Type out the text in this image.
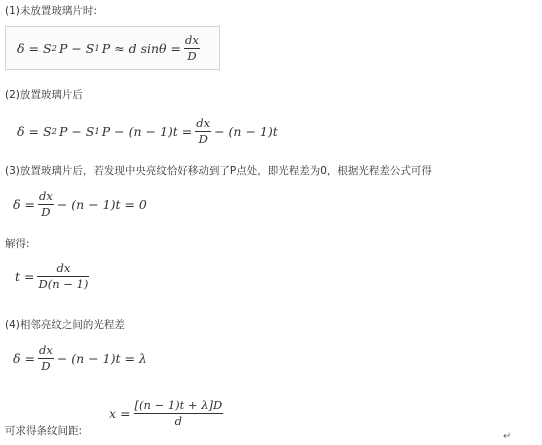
(1)未放置玻璃片时:
δ = S 2 P − S 1 P ≈ d $\sin\theta = \frac{dx}{D}$
(2)放置玻璃片后
δ = S 2 P − S 1 $P - (n - 1)t = \frac{dx}{D} - (n - 1)t$
(3)放置玻璃片后，若发现中央亮纹恰好移动到了P点处，即光程差为0，根据光程差公式可得
$\delta = \frac{dx}{D} - (n - 1)t = 0$
解得:
$t = \frac{dx}{D(n - 1)}$
(4)相邻亮纹之间的光程差
$\delta = \frac{dx}{D} - (n - 1)t = \lambda$
可求得条纹间距:
$x = \frac{[(n - 1)t + \lambda]D}{d}$
↵
